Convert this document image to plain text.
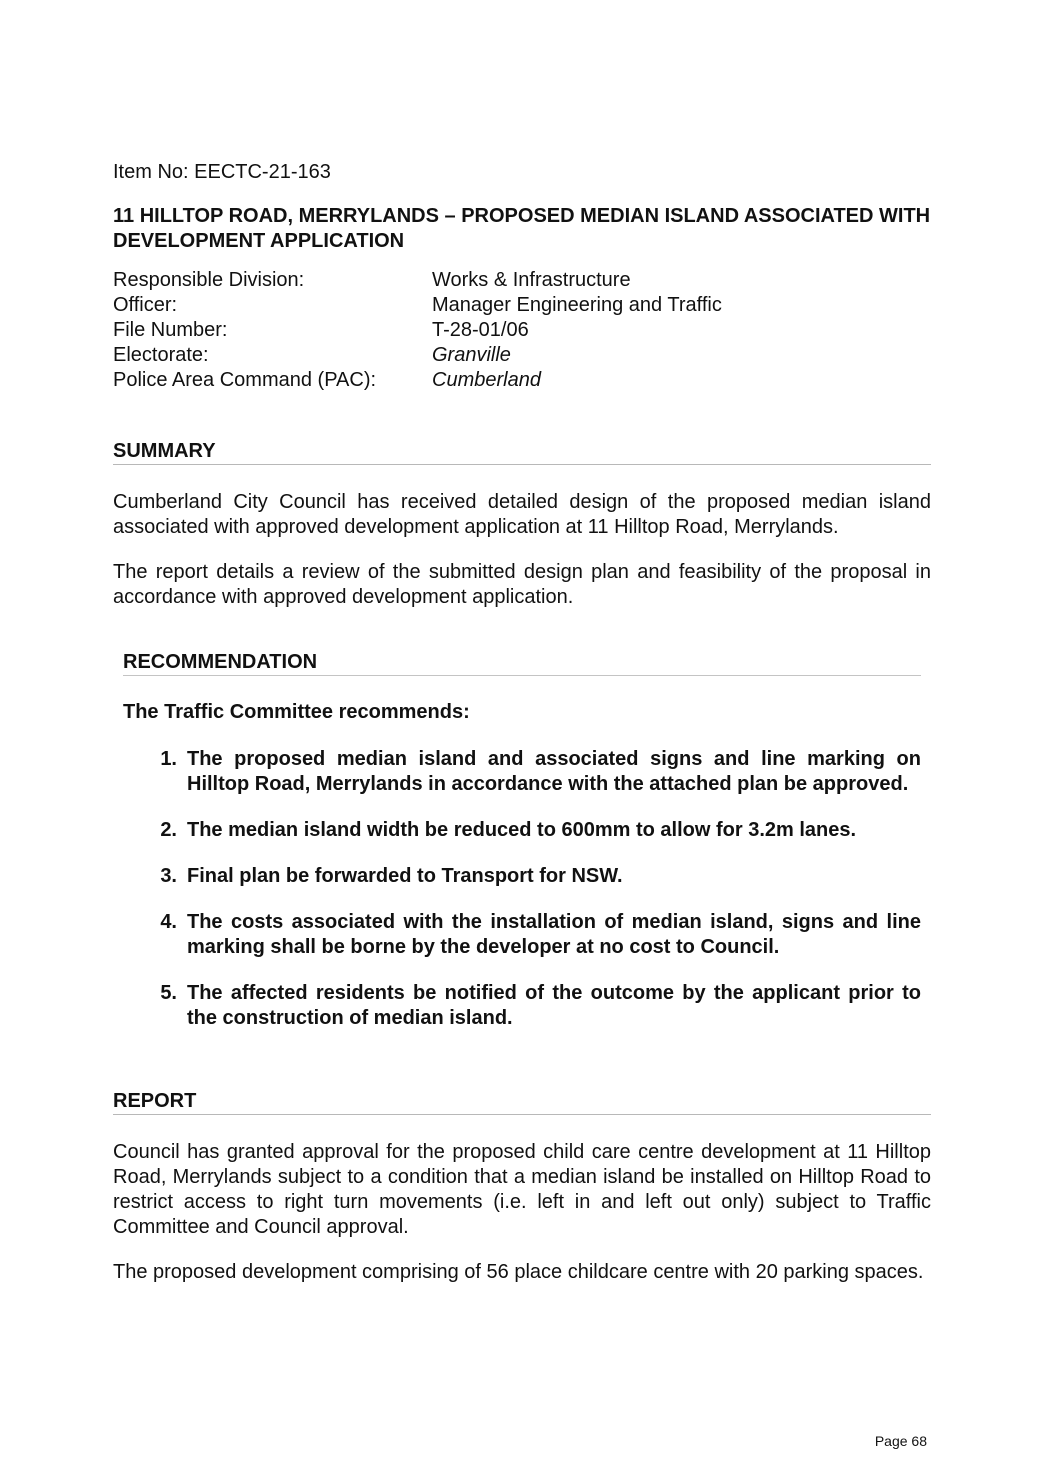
Item No: EECTC-21-163
11 HILLTOP ROAD, MERRYLANDS – PROPOSED MEDIAN ISLAND ASSOCIATED WITH DEVELOPMENT APPLICATION
Responsible Division:	Works & Infrastructure
Officer:	Manager Engineering and Traffic
File Number:	T-28-01/06
Electorate:	Granville
Police Area Command (PAC):	Cumberland
SUMMARY

Cumberland City Council has received detailed design of the proposed median island associated with approved development application at 11 Hilltop Road, Merrylands.

The report details a review of the submitted design plan and feasibility of the proposal in accordance with approved development application.

RECOMMENDATION
The Traffic Committee recommends:
1. The proposed median island and associated signs and line marking on Hilltop Road, Merrylands in accordance with the attached plan be approved.
2. The median island width be reduced to 600mm to allow for 3.2m lanes.
3. Final plan be forwarded to Transport for NSW.
4. The costs associated with the installation of median island, signs and line marking shall be borne by the developer at no cost to Council.
5. The affected residents be notified of the outcome by the applicant prior to the construction of median island.
REPORT

Council has granted approval for the proposed child care centre development at 11 Hilltop Road, Merrylands subject to a condition that a median island be installed on Hilltop Road to restrict access to right turn movements (i.e. left in and left out only) subject to Traffic Committee and Council approval.

The proposed development comprising of 56 place childcare centre with 20 parking spaces.

Page 68
